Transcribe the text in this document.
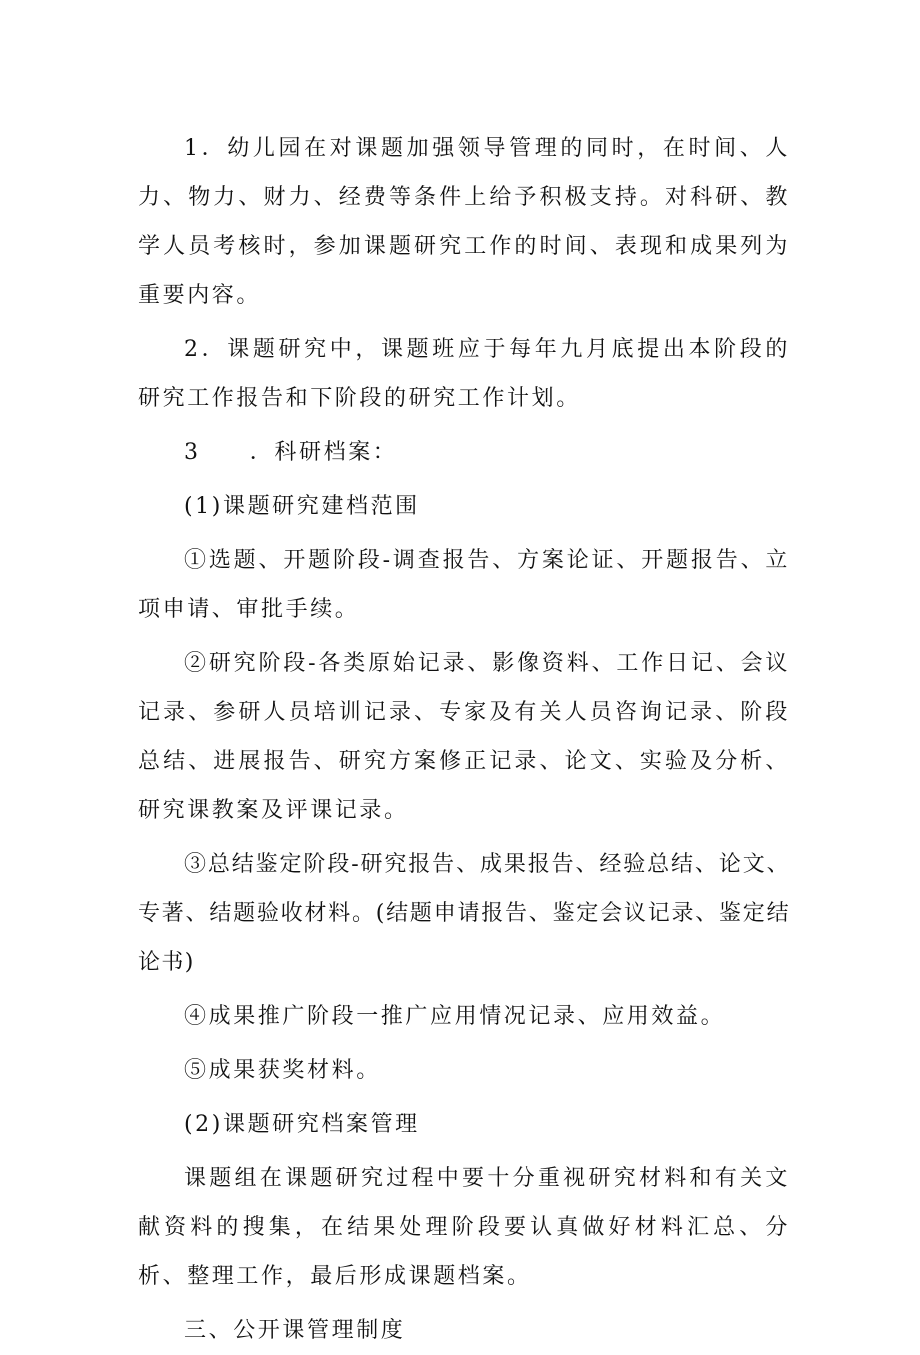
1．幼儿园在对课题加强领导管理的同时，在时间、人力、物力、财力、经费等条件上给予积极支持。对科研、教学人员考核时，参加课题研究工作的时间、表现和成果列为重要内容。

2．课题研究中，课题班应于每年九月底提出本阶段的研究工作报告和下阶段的研究工作计划。

3　　．科研档案：

(1)课题研究建档范围

①选题、开题阶段-调查报告、方案论证、开题报告、立项申请、审批手续。

②研究阶段-各类原始记录、影像资料、工作日记、会议记录、参研人员培训记录、专家及有关人员咨询记录、阶段总结、进展报告、研究方案修正记录、论文、实验及分析、研究课教案及评课记录。

③总结鉴定阶段-研究报告、成果报告、经验总结、论文、专著、结题验收材料。(结题申请报告、鉴定会议记录、鉴定结论书)

④成果推广阶段一推广应用情况记录、应用效益。

⑤成果获奖材料。

(2)课题研究档案管理

课题组在课题研究过程中要十分重视研究材料和有关文献资料的搜集，在结果处理阶段要认真做好材料汇总、分析、整理工作，最后形成课题档案。

三、公开课管理制度
